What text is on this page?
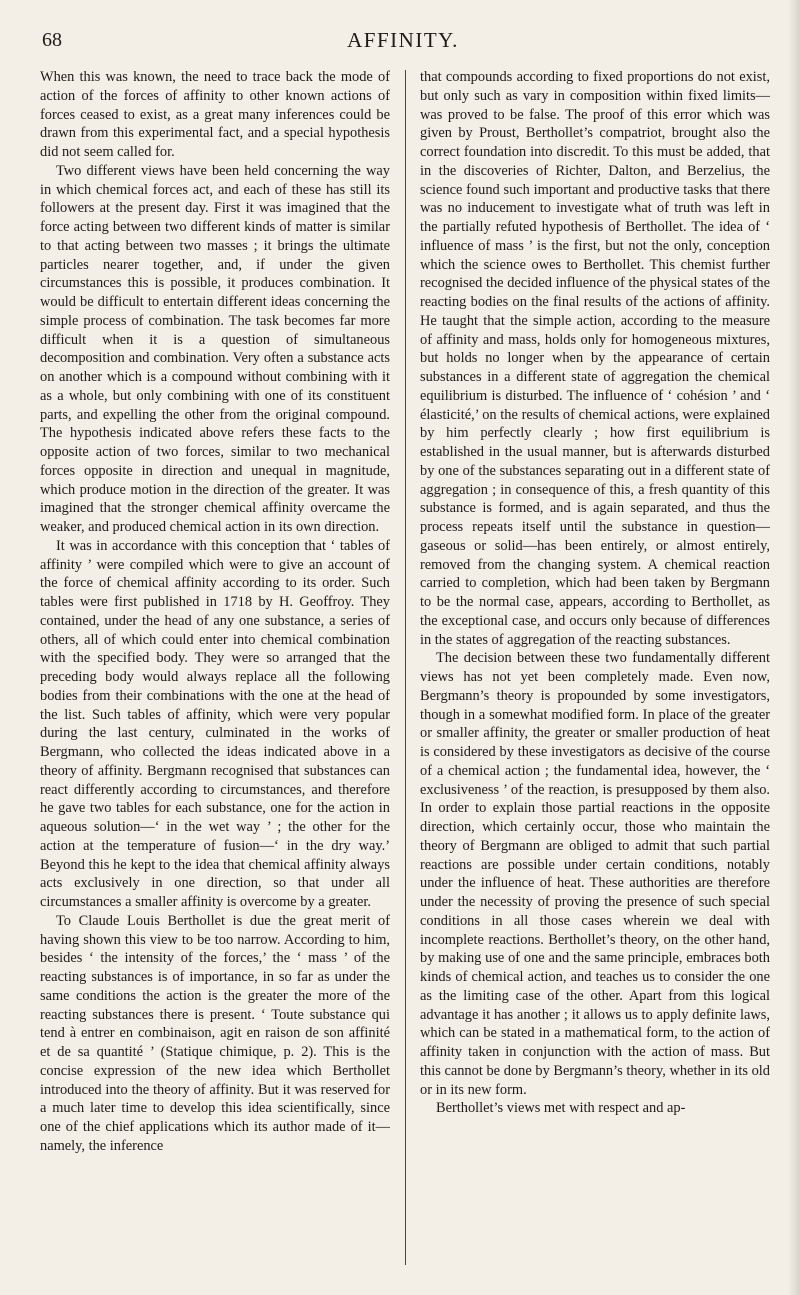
68	AFFINITY.

When this was known, the need to trace back the mode of action of the forces of affinity to other known actions of forces ceased to exist, as a great many inferences could be drawn from this experimental fact, and a special hypothesis did not seem called for.

Two different views have been held concerning the way in which chemical forces act, and each of these has still its followers at the present day. First it was imagined that the force acting between two different kinds of matter is similar to that acting between two masses ; it brings the ultimate particles nearer together, and, if under the given circumstances this is possible, it produces combination. It would be difficult to entertain different ideas concerning the simple process of combination. The task becomes far more difficult when it is a question of simultaneous decomposition and combination. Very often a substance acts on another which is a compound without combining with it as a whole, but only combining with one of its constituent parts, and expelling the other from the original compound. The hypothesis indicated above refers these facts to the opposite action of two forces, similar to two mechanical forces opposite in direction and unequal in magnitude, which produce motion in the direction of the greater. It was imagined that the stronger chemical affinity overcame the weaker, and produced chemical action in its own direction.

It was in accordance with this conception that ‘ tables of affinity ’ were compiled which were to give an account of the force of chemical affinity according to its order. Such tables were first published in 1718 by H. Geoffroy. They contained, under the head of any one substance, a series of others, all of which could enter into chemical combination with the specified body. They were so arranged that the preceding body would always replace all the following bodies from their combinations with the one at the head of the list. Such tables of affinity, which were very popular during the last century, culminated in the works of Bergmann, who collected the ideas indicated above in a theory of affinity. Bergmann recognised that substances can react differently according to circumstances, and therefore he gave two tables for each substance, one for the action in aqueous solution—‘ in the wet way ’ ; the other for the action at the temperature of fusion—‘ in the dry way.’ Beyond this he kept to the idea that chemical affinity always acts exclusively in one direction, so that under all circumstances a smaller affinity is overcome by a greater.

To Claude Louis Berthollet is due the great merit of having shown this view to be too narrow. According to him, besides ‘ the intensity of the forces,’ the ‘ mass ’ of the reacting substances is of importance, in so far as under the same conditions the action is the greater the more of the reacting substances there is present. ‘ Toute substance qui tend à entrer en combinaison, agit en raison de son affinité et de sa quantité ’ (Statique chimique, p. 2). This is the concise expression of the new idea which Berthollet introduced into the theory of affinity. But it was reserved for a much later time to develop this idea scientifically, since one of the chief applications which its author made of it—namely, the inference

that compounds according to fixed proportions do not exist, but only such as vary in composition within fixed limits—was proved to be false. The proof of this error which was given by Proust, Berthollet’s compatriot, brought also the correct foundation into discredit. To this must be added, that in the discoveries of Richter, Dalton, and Berzelius, the science found such important and productive tasks that there was no inducement to investigate what of truth was left in the partially refuted hypothesis of Berthollet. The idea of ‘ influence of mass ’ is the first, but not the only, conception which the science owes to Berthollet. This chemist further recognised the decided influence of the physical states of the reacting bodies on the final results of the actions of affinity. He taught that the simple action, according to the measure of affinity and mass, holds only for homogeneous mixtures, but holds no longer when by the appearance of certain substances in a different state of aggregation the chemical equilibrium is disturbed. The influence of ‘ cohésion ’ and ‘ élasticité,’ on the results of chemical actions, were explained by him perfectly clearly ; how first equilibrium is established in the usual manner, but is afterwards disturbed by one of the substances separating out in a different state of aggregation ; in consequence of this, a fresh quantity of this substance is formed, and is again separated, and thus the process repeats itself until the substance in question—gaseous or solid—has been entirely, or almost entirely, removed from the changing system. A chemical reaction carried to completion, which had been taken by Bergmann to be the normal case, appears, according to Berthollet, as the exceptional case, and occurs only because of differences in the states of aggregation of the reacting substances.

The decision between these two fundamentally different views has not yet been completely made. Even now, Bergmann’s theory is propounded by some investigators, though in a somewhat modified form. In place of the greater or smaller affinity, the greater or smaller production of heat is considered by these investigators as decisive of the course of a chemical action ; the fundamental idea, however, the ‘ exclusiveness ’ of the reaction, is presupposed by them also. In order to explain those partial reactions in the opposite direction, which certainly occur, those who maintain the theory of Bergmann are obliged to admit that such partial reactions are possible under certain conditions, notably under the influence of heat. These authorities are therefore under the necessity of proving the presence of such special conditions in all those cases wherein we deal with incomplete reactions. Berthollet’s theory, on the other hand, by making use of one and the same principle, embraces both kinds of chemical action, and teaches us to consider the one as the limiting case of the other. Apart from this logical advantage it has another ; it allows us to apply definite laws, which can be stated in a mathematical form, to the action of affinity taken in conjunction with the action of mass. But this cannot be done by Bergmann’s theory, whether in its old or in its new form.

Berthollet’s views met with respect and ap-
